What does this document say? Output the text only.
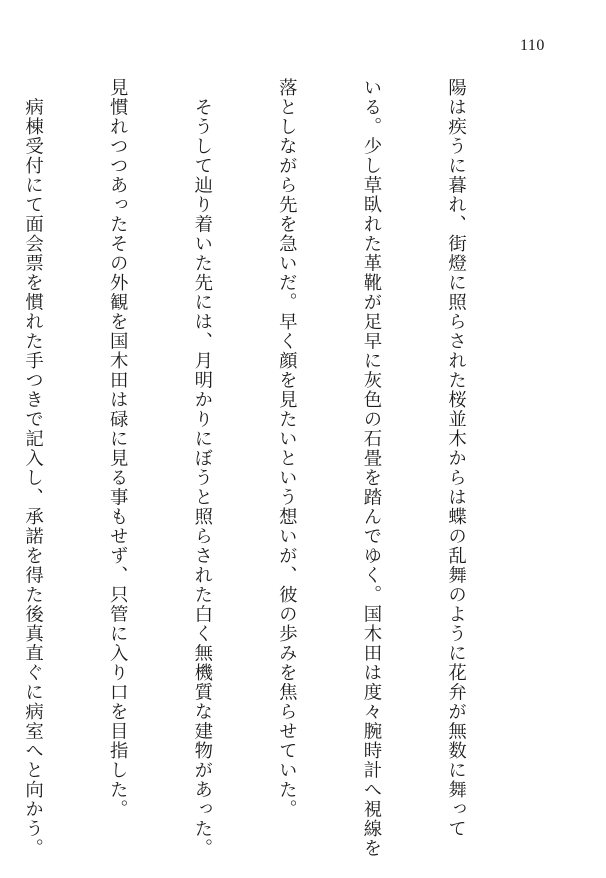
110

陽は疾うに暮れ、街燈に照らされた桜並木からは蝶の乱舞のように花弁が無数に舞って

いる。少し草臥れた革靴が足早に灰色の石畳を踏んでゆく。国木田は度々腕時計へ視線を

落としながら先を急いだ。早く顔を見たいという想いが、彼の歩みを焦らせていた。

　そうして辿り着いた先には、月明かりにぼうと照らされた白く無機質な建物があった。

見慣れつつあったその外観を国木田は碌に見る事もせず、只管に入り口を目指した。

　病棟受付にて面会票を慣れた手つきで記入し、承諾を得た後真直ぐに病室へと向かう。
